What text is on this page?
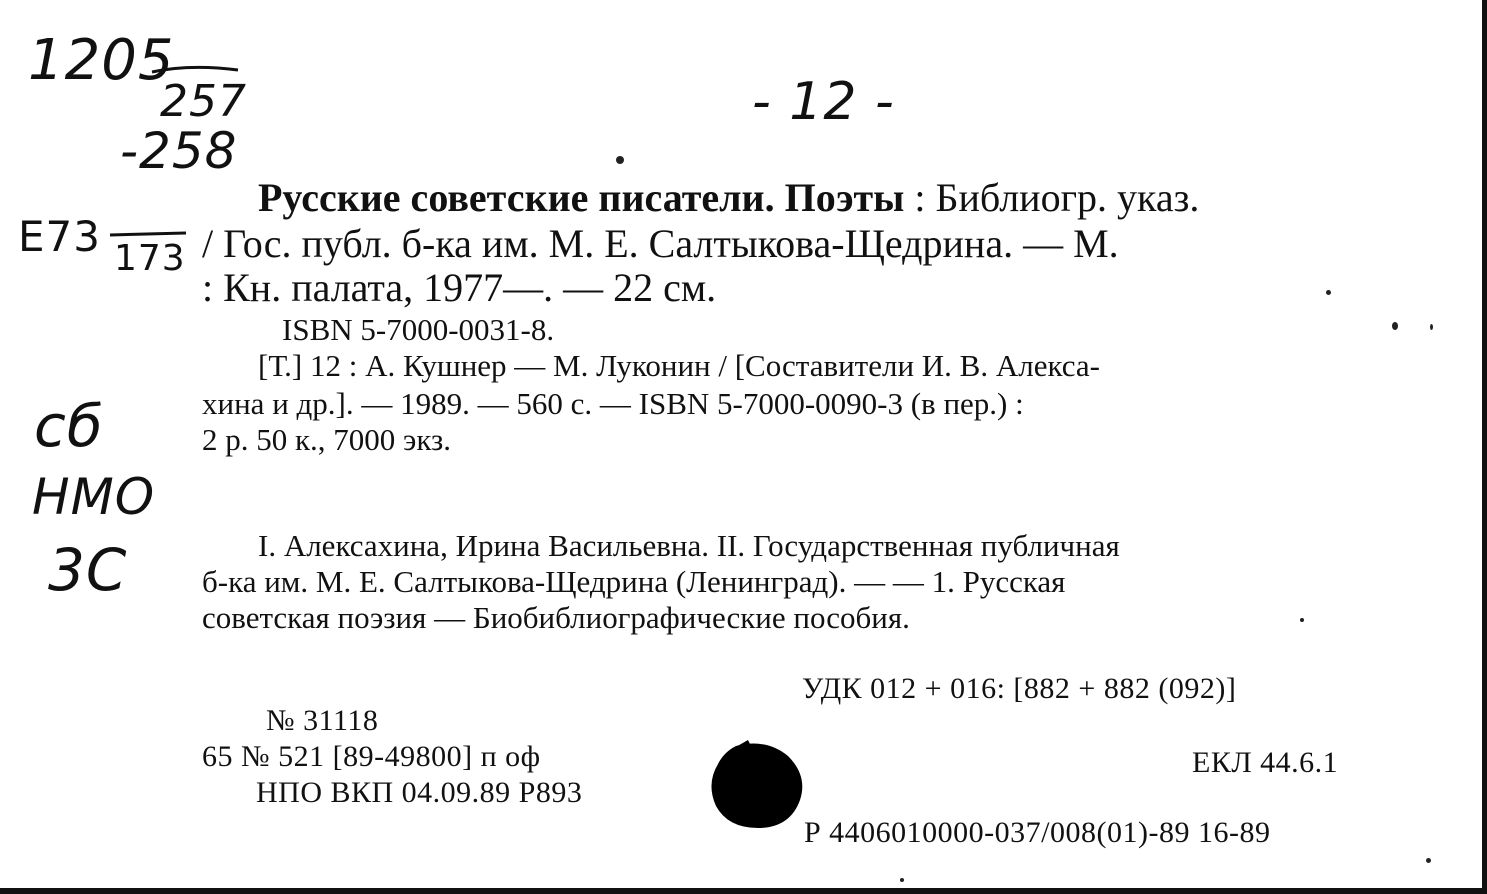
1205
257
-258
E73 173
- 12 -
сб
НМО
3С
Русские советские писатели. Поэты : Библиогр. указ.
/ Гос. публ. б-ка им. М. Е. Салтыкова-Щедрина. — М.
: Кн. палата, 1977—. — 22 см.
ISBN 5-7000-0031-8.
[Т.] 12 : А. Кушнер — М. Луконин / [Составители И. В. Алекса-
хина и др.]. — 1989. — 560 с. — ISBN 5-7000-0090-3 (в пер.) :
2 р. 50 к., 7000 экз.
I. Алексахина, Ирина Васильевна. II. Государственная публичная
б-ка им. М. Е. Салтыкова-Щедрина (Ленинград). — — 1. Русская
советская поэзия — Биобиблиографические пособия.
УДК 012 + 016: [882 + 882 (092)]
№ 31118
65 № 521 [89-49800] п оф
НПО ВКП 04.09.89 Р893
ЕКЛ 44.6.1
Р 4406010000-037/008(01)-89 16-89
